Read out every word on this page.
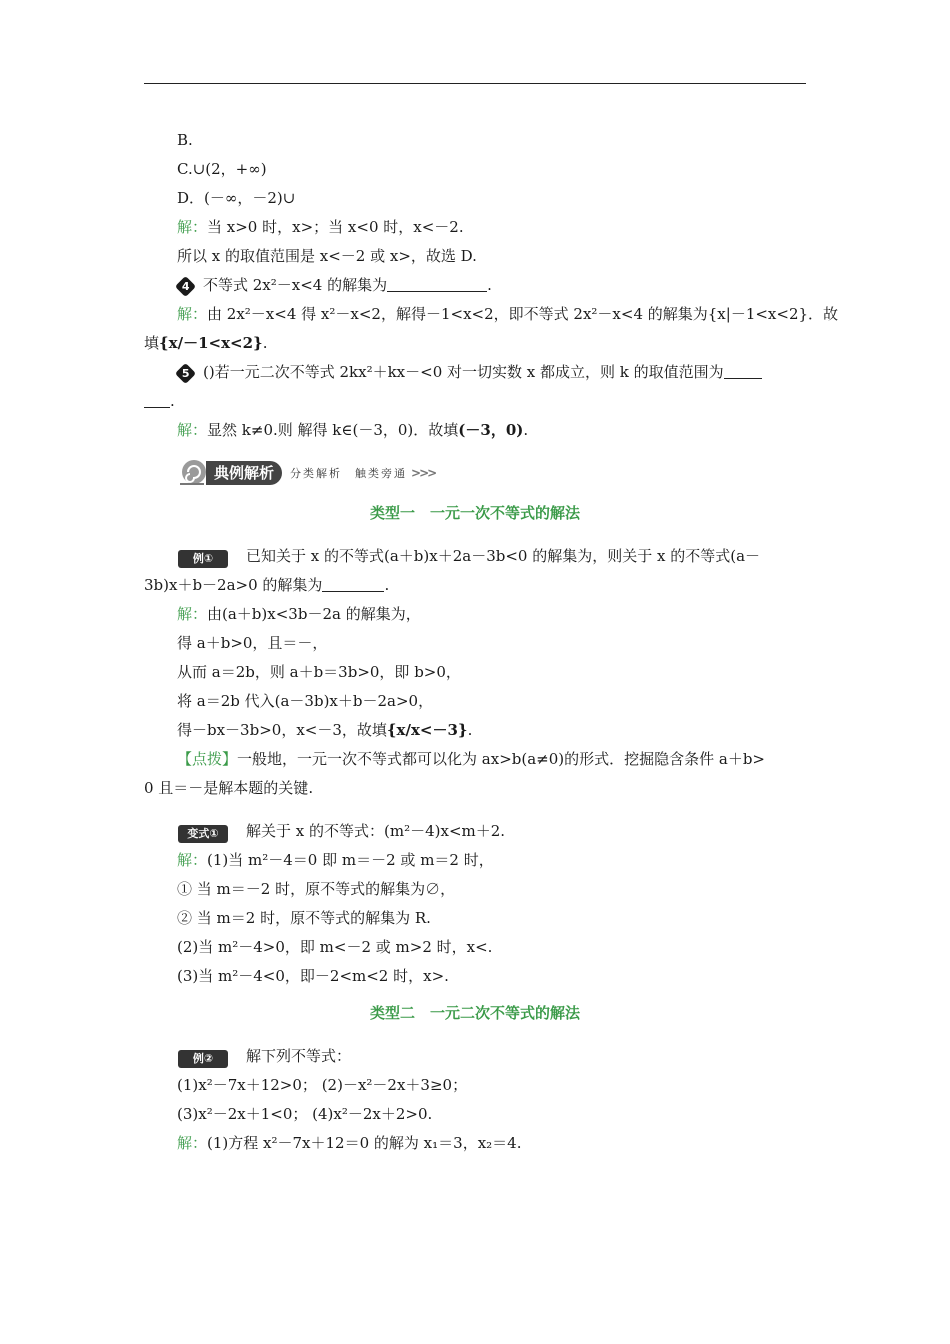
B.
C.∪(2，+∞)
D．(－∞，－2)∪
解：当 x>0 时，x>；当 x<0 时，x<－2.
所以 x 的取值范围是 x<－2 或 x>，故选 D.
4 不等式 2x²－x<4 的解集为	.
解：由 2x²－x<4 得 x²－x<2，解得－1<x<2，即不等式 2x²－x<4 的解集为{x|－1<x<2}．故
填{x/－1<x<2}.
5 ()若一元二次不等式 2kx²＋kx－<0 对一切实数 x 都成立，则 k 的取值范围为
.
解：显然 k≠0.则 解得 k∈(－3，0)．故填(－3，0).
典例解析	分类解析　触类旁通 >>>
类型一　一元一次不等式的解法
例① 已知关于 x 的不等式(a＋b)x＋2a－3b<0 的解集为，则关于 x 的不等式(a－
3b)x＋b－2a>0 的解集为	.
解：由(a＋b)x<3b－2a 的解集为，
得 a＋b>0，且＝－，
从而 a＝2b，则 a＋b＝3b>0，即 b>0，
将 a＝2b 代入(a－3b)x＋b－2a>0，
得－bx－3b>0，x<－3，故填{x/x<－3}.
【点拨】一般地，一元一次不等式都可以化为 ax>b(a≠0)的形式．挖掘隐含条件 a＋b>
0 且＝－是解本题的关键.
变式① 解关于 x 的不等式：(m²－4)x<m＋2.
解：(1)当 m²－4＝0 即 m＝－2 或 m＝2 时，
① 当 m＝－2 时，原不等式的解集为∅，
② 当 m＝2 时，原不等式的解集为 R.
(2)当 m²－4>0，即 m<－2 或 m>2 时，x<.
(3)当 m²－4<0，即－2<m<2 时，x>.
类型二　一元二次不等式的解法
例② 解下列不等式：
(1)x²－7x＋12>0； (2)－x²－2x＋3≥0；
(3)x²－2x＋1<0； (4)x²－2x＋2>0.
解：(1)方程 x²－7x＋12＝0 的解为 x₁＝3，x₂＝4.
